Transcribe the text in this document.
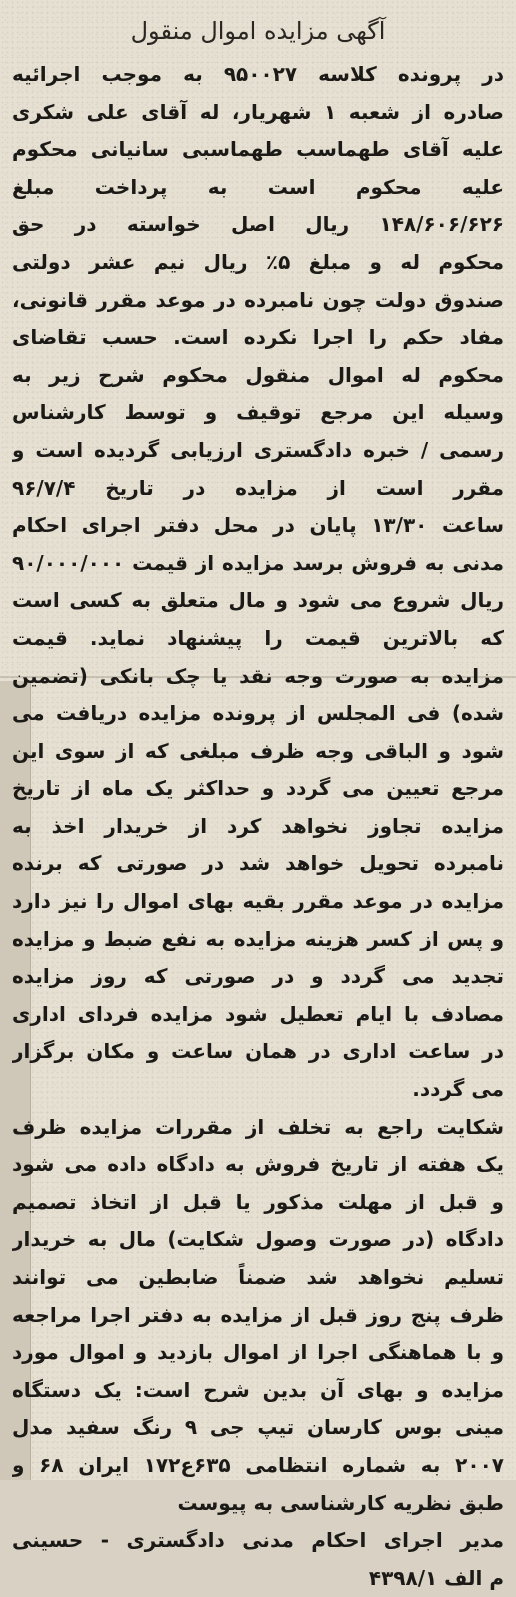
آگهی مزایده اموال منقول
در پرونده کلاسه ۹۵۰۰۲۷ به موجب اجرائیه
صادره از شعبه ۱ شهریار، له آقای علی شکری
علیه آقای طهماسب طهماسبی سانیانی محکوم
علیه محکوم است به پرداخت مبلغ
۱۴۸/۶۰۶/۶۲۶ ریال اصل خواسته در حق
محکوم له و مبلغ ۵٪ ریال نیم عشر دولتی
صندوق دولت چون نامبرده در موعد مقرر قانونی،
مفاد حکم را اجرا نکرده است. حسب تقاضای
محکوم له اموال منقول محکوم شرح زیر به
وسیله این مرجع توقیف و توسط کارشناس
رسمی / خبره دادگستری ارزیابی گردیده است و
مقرر است از مزایده در تاریخ ۹۶/۷/۴
ساعت ۱۳/۳۰ پایان در محل دفتر اجرای احکام
مدنی به فروش برسد مزایده از قیمت ۹۰/۰۰۰/۰۰۰
ریال شروع می شود و مال متعلق به کسی است
که بالاترین قیمت را پیشنهاد نماید. قیمت
مزایده به صورت وجه نقد یا چک بانکی (تضمین
شده) فی المجلس از پرونده مزایده دریافت می
شود و الباقی وجه ظرف مبلغی که از سوی این
مرجع تعیین می گردد و حداکثر یک ماه از تاریخ
مزایده تجاوز نخواهد کرد از خریدار اخذ به
نامبرده تحویل خواهد شد در صورتی که برنده
مزایده در موعد مقرر بقیه بهای اموال را نیز دارد
و پس از کسر هزینه مزایده به نفع ضبط و مزایده
تجدید می گردد و در صورتی که روز مزایده
مصادف با ایام تعطیل شود مزایده فردای اداری
در ساعت اداری در همان ساعت و مکان برگزار
می گردد.
شکایت راجع به تخلف از مقررات مزایده ظرف
یک هفته از تاریخ فروش به دادگاه داده می شود
و قبل از مهلت مذکور یا قبل از اتخاذ تصمیم
دادگاه (در صورت وصول شکایت) مال به خریدار
تسلیم نخواهد شد ضمناً ضابطین می توانند
ظرف پنج روز قبل از مزایده به دفتر اجرا مراجعه
و با هماهنگی اجرا از اموال بازدید و اموال مورد
مزایده و بهای آن بدین شرح است: یک دستگاه
مینی بوس کارسان تیپ جی ۹ رنگ سفید مدل
۲۰۰۷ به شماره انتظامی ۶۳۵ع۱۷۲ ایران ۶۸ و
طبق نظریه کارشناسی به پیوست
مدیر اجرای احکام مدنی دادگستری - حسینی
م الف ۴۳۹۸/۱
